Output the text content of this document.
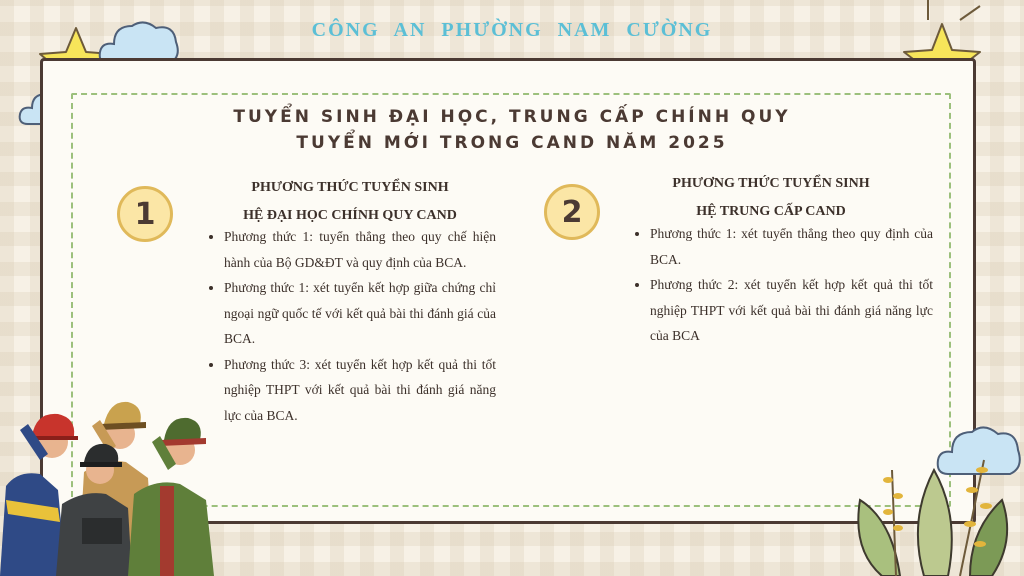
CÔNG AN PHƯỜNG NAM CƯỜNG
TUYỂN SINH ĐẠI HỌC, TRUNG CẤP CHÍNH QUY
TUYỂN MỚI TRONG CAND NĂM 2025
1
PHƯƠNG THỨC TUYỂN SINH
HỆ ĐẠI HỌC CHÍNH QUY CAND
• Phương thức 1: tuyển thẳng theo quy chế hiện hành của Bộ GD&ĐT và quy định của BCA.
• Phương thức 1: xét tuyển kết hợp giữa chứng chỉ ngoại ngữ quốc tế với kết quả bài thi đánh giá của BCA.
• Phương thức 3: xét tuyển kết hợp kết quả thi tốt nghiệp THPT với kết quả bài thi đánh giá năng lực của BCA.
2
PHƯƠNG THỨC TUYỂN SINH
HỆ TRUNG CẤP CAND
• Phương thức 1: xét tuyển thẳng theo quy định của BCA.
• Phương thức 2: xét tuyển kết hợp kết quả thi tốt nghiệp THPT với kết quả bài thi đánh giá năng lực của BCA
